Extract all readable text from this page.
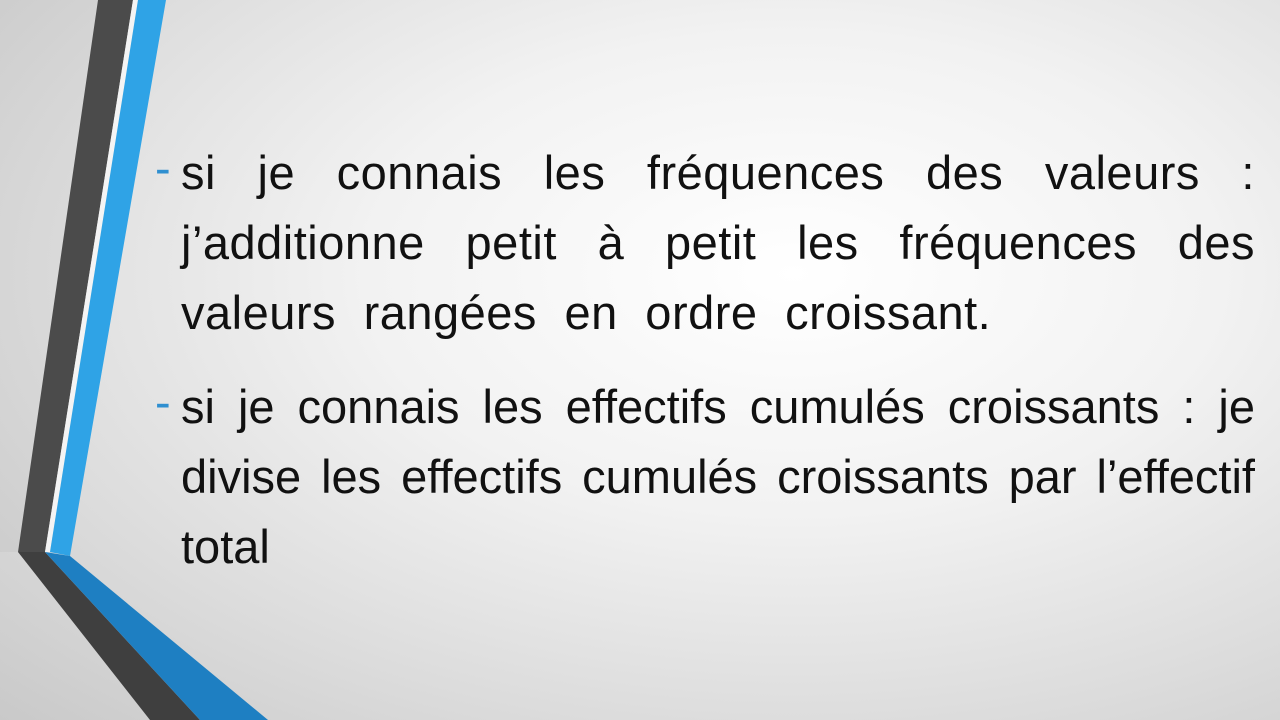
- si je connais les fréquences des valeurs : j’additionne petit à petit les fréquences des valeurs rangées en ordre croissant.
- si je connais les effectifs cumulés croissants : je divise les effectifs cumulés croissants par l’effectif total
